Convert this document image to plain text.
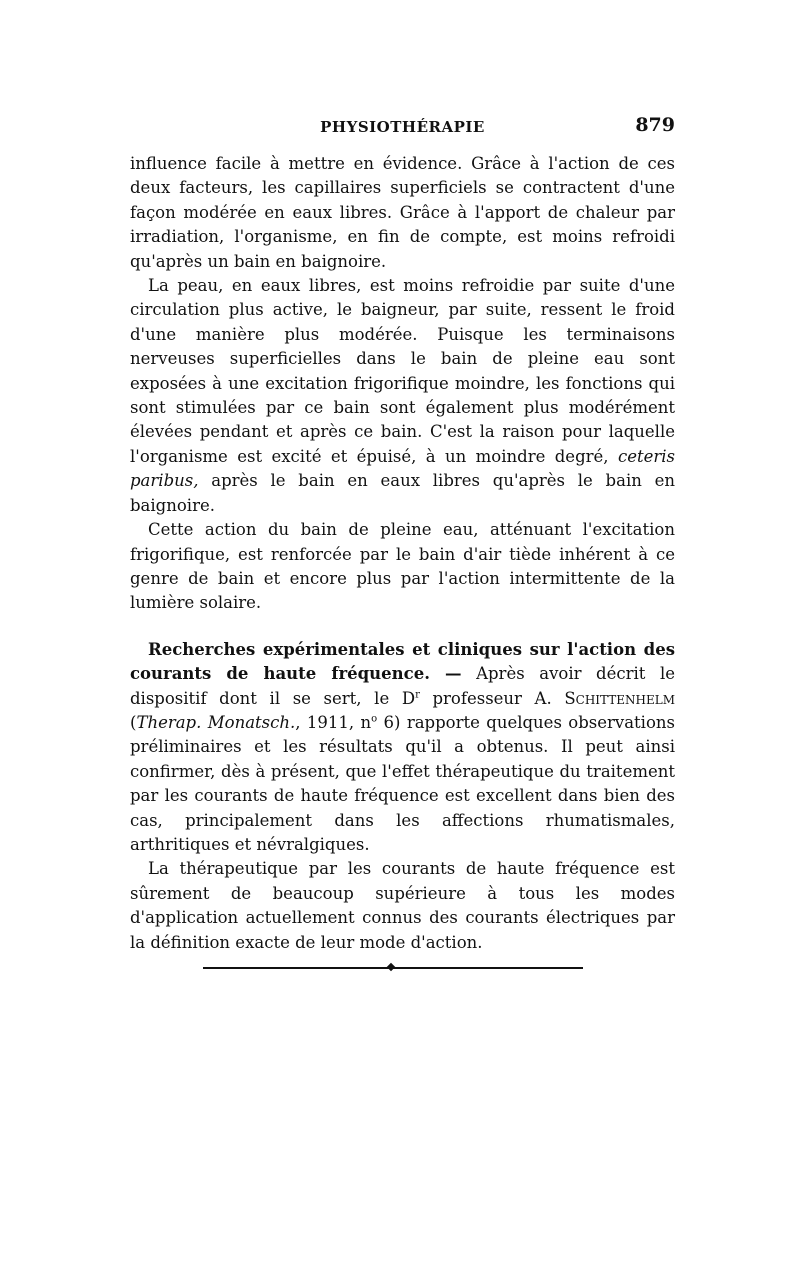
PHYSIOTHÉRAPIE	879

influence facile à mettre en évidence. Grâce à l'action de ces deux facteurs, les capillaires superficiels se contractent d'une façon modérée en eaux libres. Grâce à l'apport de chaleur par irradiation, l'organisme, en fin de compte, est moins refroidi qu'après un bain en baignoire.

La peau, en eaux libres, est moins refroidie par suite d'une circulation plus active, le baigneur, par suite, ressent le froid d'une manière plus modérée. Puisque les terminaisons nerveuses superficielles dans le bain de pleine eau sont exposées à une excitation frigorifique moindre, les fonctions qui sont stimulées par ce bain sont également plus modérément élevées pendant et après ce bain. C'est la raison pour laquelle l'organisme est excité et épuisé, à un moindre degré, ceteris paribus, après le bain en eaux libres qu'après le bain en baignoire.

Cette action du bain de pleine eau, atténuant l'excitation frigorifique, est renforcée par le bain d'air tiède inhérent à ce genre de bain et encore plus par l'action intermittente de la lumière solaire.

Recherches expérimentales et cliniques sur l'action des courants de haute fréquence. — Après avoir décrit le dispositif dont il se sert, le $D^r$ professeur A. Schittenhelm (Therap. Monatsch., 1911, $n^o$ 6) rapporte quelques observations préliminaires et les résultats qu'il a obtenus. Il peut ainsi confirmer, dès à présent, que l'effet thérapeutique du traitement par les courants de haute fréquence est excellent dans bien des cas, principalement dans les affections rhumatismales, arthritiques et névralgiques.

La thérapeutique par les courants de haute fréquence est sûrement de beaucoup supérieure à tous les modes d'application actuellement connus des courants électriques par la définition exacte de leur mode d'action.
